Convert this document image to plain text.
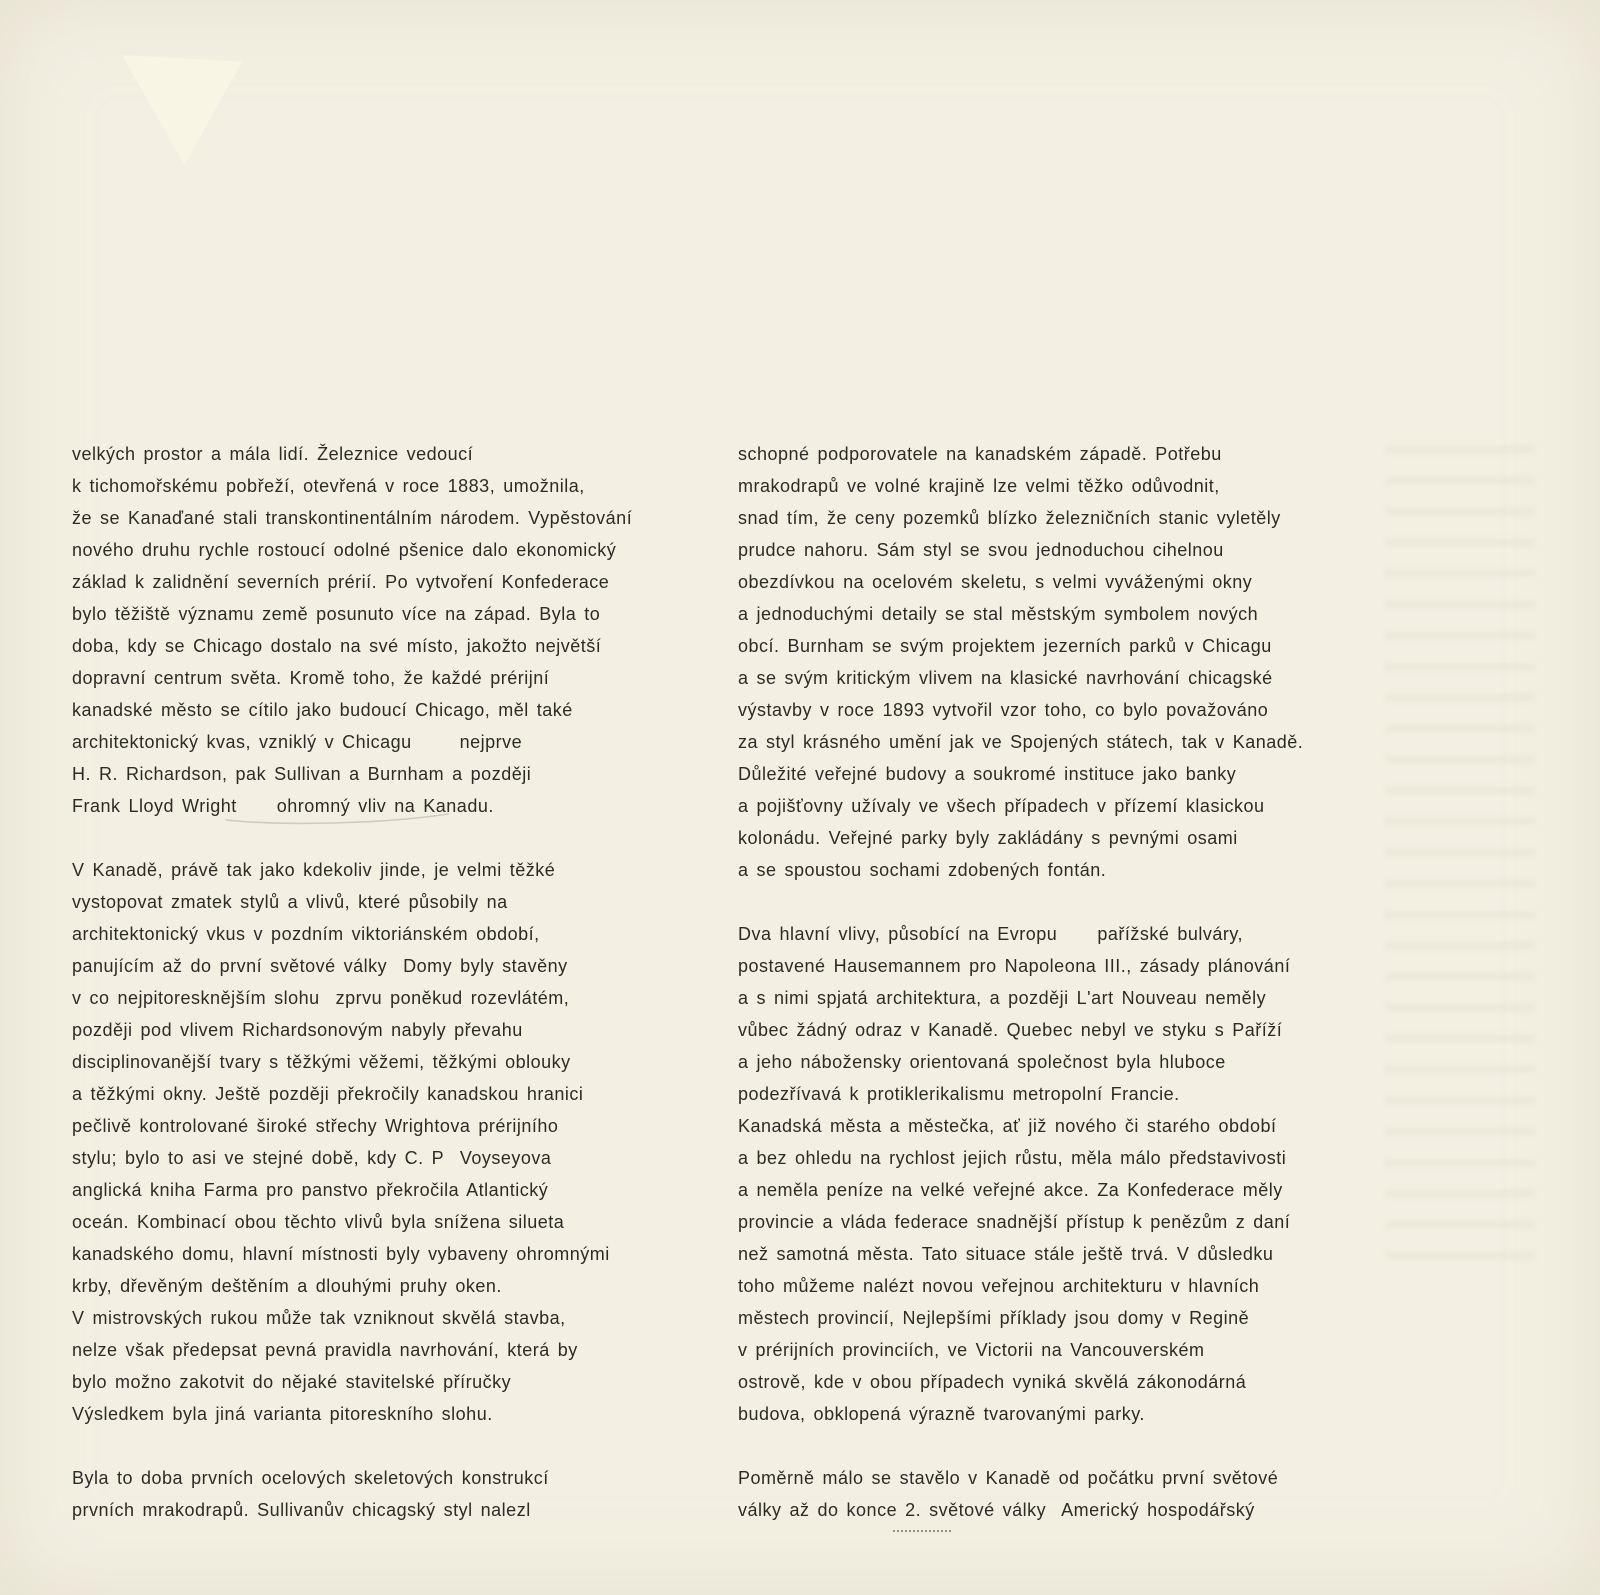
velkých prostor a mála lidí. Železnice vedoucí
k tichomořskému pobřeží, otevřená v roce 1883, umožnila,
že se Kanaďané stali transkontinentálním národem. Vypěstování
nového druhu rychle rostoucí odolné pšenice dalo ekonomický
základ k zalidnění severních prérií. Po vytvoření Konfederace
bylo těžiště významu země posunuto více na západ. Byla to
doba, kdy se Chicago dostalo na své místo, jakožto největší
dopravní centrum světa. Kromě toho, že každé prérijní
kanadské město se cítilo jako budoucí Chicago, měl také
architektonický kvas, vzniklý v Chicagu      nejprve
H. R. Richardson, pak Sullivan a Burnham a později
Frank Lloyd Wright     ohromný vliv na Kanadu.
V Kanadě, právě tak jako kdekoliv jinde, je velmi těžké
vystopovat zmatek stylů a vlivů, které působily na
architektonický vkus v pozdním viktoriánském období,
panujícím až do první světové války  Domy byly stavěny
v co nejpitoresknějším slohu  zprvu poněkud rozevlátém,
později pod vlivem Richardsonovým nabyly převahu
disciplinovanější tvary s těžkými věžemi, těžkými oblouky
a těžkými okny. Ještě později překročily kanadskou hranici
pečlivě kontrolované široké střechy Wrightova prérijního
stylu; bylo to asi ve stejné době, kdy C. P  Voyseyova
anglická kniha Farma pro panstvo překročila Atlantický
oceán. Kombinací obou těchto vlivů byla snížena silueta
kanadského domu, hlavní místnosti byly vybaveny ohromnými
krby, dřevěným deštěním a dlouhými pruhy oken.
V mistrovských rukou může tak vzniknout skvělá stavba,
nelze však předepsat pevná pravidla navrhování, která by
bylo možno zakotvit do nějaké stavitelské příručky
Výsledkem byla jiná varianta pitoreskního slohu.
Byla to doba prvních ocelových skeletových konstrukcí
prvních mrakodrapů. Sullivanův chicagský styl nalezl
schopné podporovatele na kanadském západě. Potřebu
mrakodrapů ve volné krajině lze velmi těžko odůvodnit,
snad tím, že ceny pozemků blízko železničních stanic vyletěly
prudce nahoru. Sám styl se svou jednoduchou cihelnou
obezdívkou na ocelovém skeletu, s velmi vyváženými okny
a jednoduchými detaily se stal městským symbolem nových
obcí. Burnham se svým projektem jezerních parků v Chicagu
a se svým kritickým vlivem na klasické navrhování chicagské
výstavby v roce 1893 vytvořil vzor toho, co bylo považováno
za styl krásného umění jak ve Spojených státech, tak v Kanadě.
Důležité veřejné budovy a soukromé instituce jako banky
a pojišťovny užívaly ve všech případech v přízemí klasickou
kolonádu. Veřejné parky byly zakládány s pevnými osami
a se spoustou sochami zdobených fontán.
Dva hlavní vlivy, působící na Evropu     pařížské bulváry,
postavené Hausemannem pro Napoleona III., zásady plánování
a s nimi spjatá architektura, a později L'art Nouveau neměly
vůbec žádný odraz v Kanadě. Quebec nebyl ve styku s Paříží
a jeho nábožensky orientovaná společnost byla hluboce
podezřívavá k protiklerikalismu metropolní Francie.
Kanadská města a městečka, ať již nového či starého období
a bez ohledu na rychlost jejich růstu, měla málo představivosti
a neměla peníze na velké veřejné akce. Za Konfederace měly
provincie a vláda federace snadnější přístup k penězům z daní
než samotná města. Tato situace stále ještě trvá. V důsledku
toho můžeme nalézt novou veřejnou architekturu v hlavních
městech provincií, Nejlepšími příklady jsou domy v Regině
v prérijních provinciích, ve Victorii na Vancouverském
ostrově, kde v obou případech vyniká skvělá zákonodárná
budova, obklopená výrazně tvarovanými parky.
Poměrně málo se stavělo v Kanadě od počátku první světové
války až do konce 2. světové války  Americký hospodářský
